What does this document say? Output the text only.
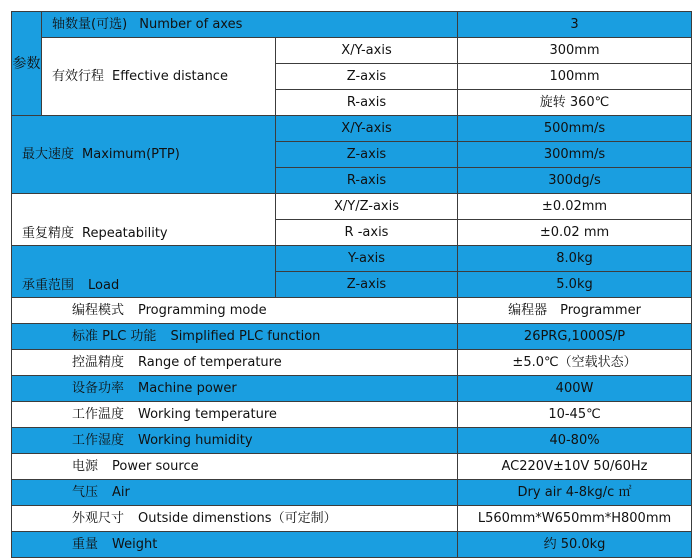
参数	轴数量(可选) Number of axes		3
	有效行程 Effective distance	X/Y-axis	300mm
		Z-axis	100mm
		R-axis	旋转 360℃
最大速度 Maximum(PTP)		X/Y-axis	500mm/s
		Z-axis	300mm/s
		R-axis	300dg/s
重复精度 Repeatability		X/Y/Z-axis	±0.02mm
		R -axis	±0.02 mm
承重范围 Load		Y-axis	8.0kg
		Z-axis	5.0kg
编程模式 Programming mode			编程器　Programmer
标准 PLC 功能 Simplified PLC function			26PRG,1000S/P
控温精度 Range of temperature			±5.0℃（空载状态）
设备功率 Machine power			400W
工作温度 Working temperature			10-45℃
工作湿度 Working humidity			40-80%
电源 Power source			AC220V±10V 50/60Hz
气压 Air			Dry air 4-8kg/c ㎡
外观尺寸 Outside dimenstions（可定制）			L560mm*W650mm*H800mm
重量 Weight			约 50.0kg
